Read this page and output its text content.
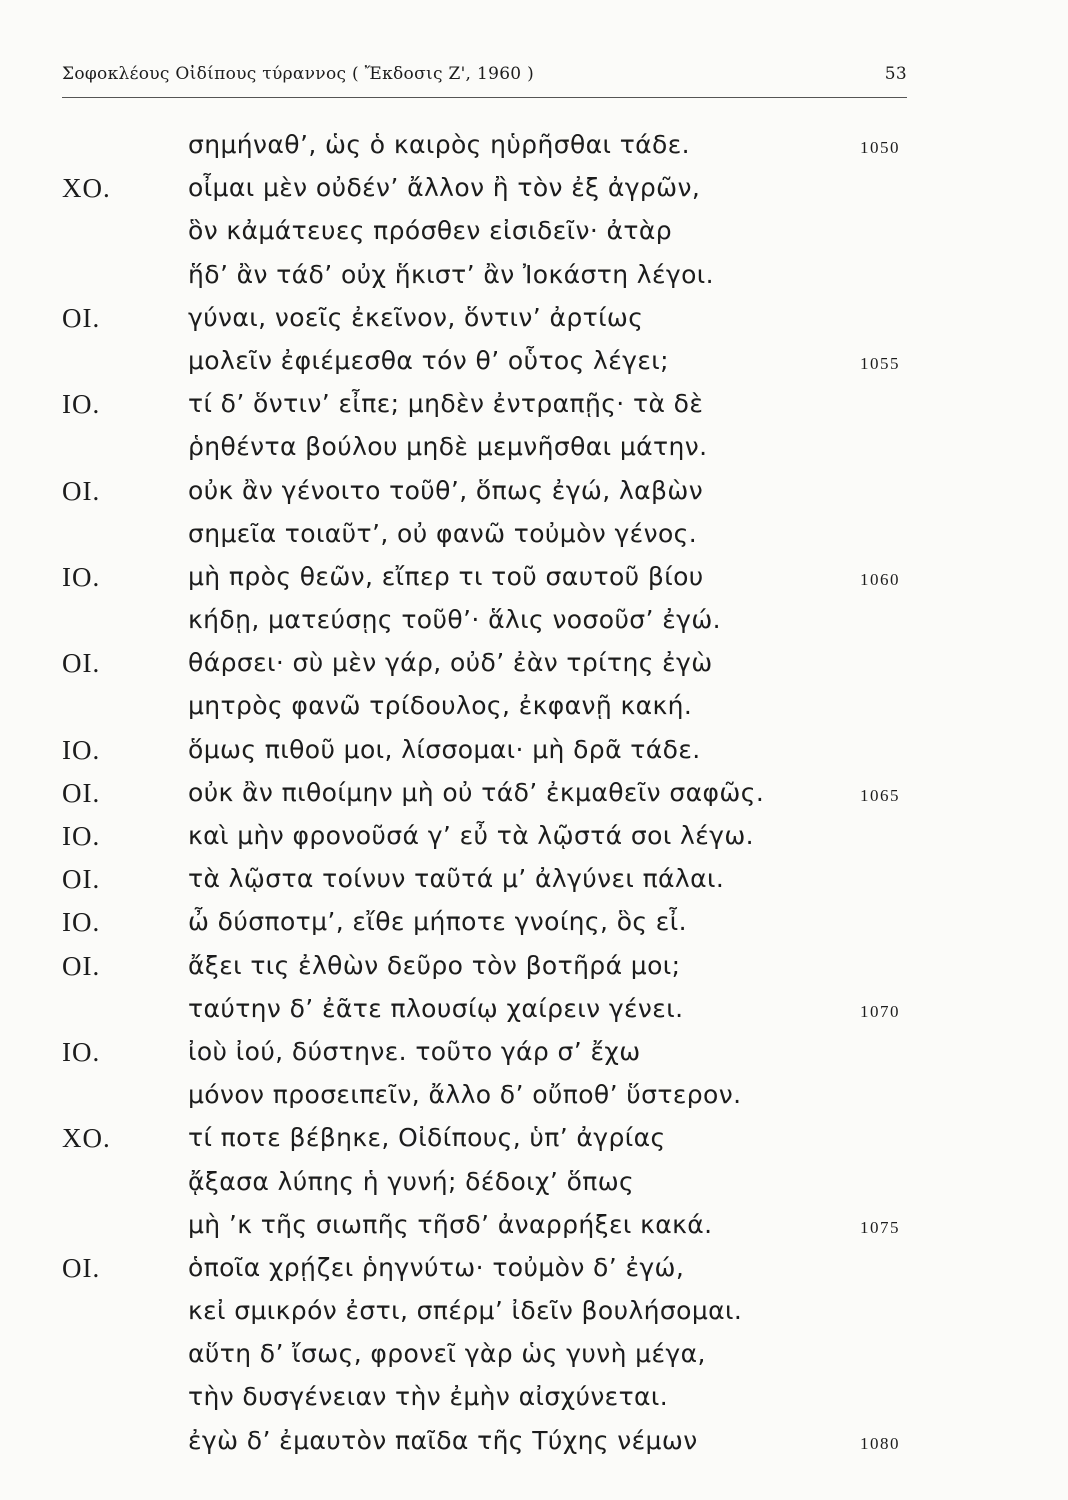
Σοφοκλέους Οἰδίπους τύραννος ( Ἔκδοσις Ζ', 1960 )	53
σημήναθ’, ὡς ὁ καιρὸς ηὑρῆσθαι τάδε.	1050
ΧΟ.	οἶμαι μὲν οὐδέν’ ἄλλον ἢ τὸν ἐξ ἀγρῶν,
ὃν κἀμάτευες πρόσθεν εἰσιδεῖν· ἀτὰρ
ἥδ’ ἂν τάδ’ οὐχ ἥκιστ’ ἂν Ἰοκάστη λέγοι.
ΟΙ.	γύναι, νοεῖς ἐκεῖνον, ὅντιν’ ἀρτίως
μολεῖν ἐφιέμεσθα τόν θ’ οὗτος λέγει;	1055
ΙΟ.	τί δ’ ὅντιν’ εἶπε; μηδὲν ἐντραπῇς· τὰ δὲ
ῥηθέντα βούλου μηδὲ μεμνῆσθαι μάτην.
ΟΙ.	οὐκ ἂν γένοιτο τοῦθ’, ὅπως ἐγώ, λαβὼν
σημεῖα τοιαῦτ’, οὐ φανῶ τοὐμὸν γένος.
ΙΟ.	μὴ πρὸς θεῶν, εἴπερ τι τοῦ σαυτοῦ βίου	1060
κήδῃ, ματεύσῃς τοῦθ’· ἅλις νοσοῦσ’ ἐγώ.
ΟΙ.	θάρσει· σὺ μὲν γάρ, οὐδ’ ἐὰν τρίτης ἐγὼ
μητρὸς φανῶ τρίδουλος, ἐκφανῇ κακή.
ΙΟ.	ὅμως πιθοῦ μοι, λίσσομαι· μὴ δρᾶ τάδε.
ΟΙ.	οὐκ ἂν πιθοίμην μὴ οὐ τάδ’ ἐκμαθεῖν σαφῶς.	1065
ΙΟ.	καὶ μὴν φρονοῦσά γ’ εὖ τὰ λῷστά σοι λέγω.
ΟΙ.	τὰ λῷστα τοίνυν ταῦτά μ’ ἀλγύνει πάλαι.
ΙΟ.	ὦ δύσποτμ’, εἴθε μήποτε γνοίης, ὃς εἶ.
ΟΙ.	ἄξει τις ἐλθὼν δεῦρο τὸν βοτῆρά μοι;
ταύτην δ’ ἐᾶτε πλουσίῳ χαίρειν γένει.	1070
ΙΟ.	ἰοὺ ἰού, δύστηνε. τοῦτο γάρ σ’ ἔχω
μόνον προσειπεῖν, ἄλλο δ’ οὔποθ’ ὕστερον.
ΧΟ.	τί ποτε βέβηκε, Οἰδίπους, ὑπ’ ἀγρίας
ᾄξασα λύπης ἡ γυνή; δέδοιχ’ ὅπως
μὴ ’κ τῆς σιωπῆς τῆσδ’ ἀναρρήξει κακά.	1075
ΟΙ.	ὁποῖα χρῄζει ῥηγνύτω· τοὐμὸν δ’ ἐγώ,
κεἰ σμικρόν ἐστι, σπέρμ’ ἰδεῖν βουλήσομαι.
αὕτη δ’ ἴσως, φρονεῖ γὰρ ὡς γυνὴ μέγα,
τὴν δυσγένειαν τὴν ἐμὴν αἰσχύνεται.
ἐγὼ δ’ ἐμαυτὸν παῖδα τῆς Τύχης νέμων	1080
